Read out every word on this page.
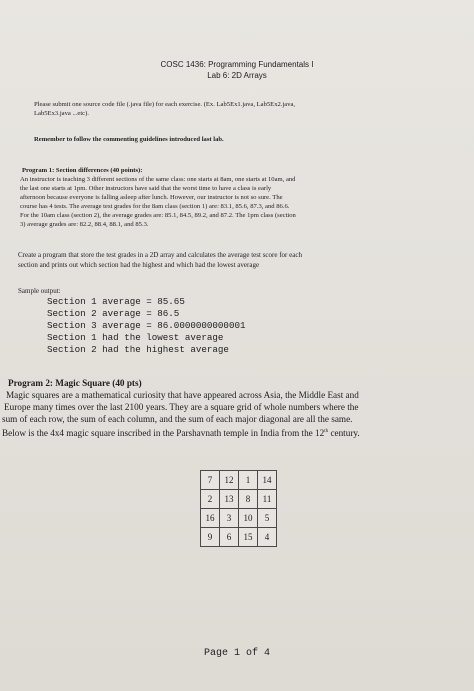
COSC 1436: Programming Fundamentals I
Lab 6: 2D Arrays
Please submit one source code file (.java file) for each exercise. (Ex. Lab5Ex1.java, Lab5Ex2.java,
Lab5Ex3.java ...etc).
Remember to follow the commenting guidelines introduced last lab.
Program 1: Section differences (40 points):
An instructor is teaching 3 different sections of the same class: one starts at 8am, one starts at 10am, and
the last one starts at 1pm. Other instructors have said that the worst time to have a class is early
afternoon because everyone is falling asleep after lunch. However, our instructor is not so sure. The
course has 4 tests. The average test grades for the 8am class (section 1) are: 83.1, 85.6, 87.3, and 86.6.
For the 10am class (section 2), the average grades are: 85.1, 84.5, 89.2, and 87.2. The 1pm class (section
3) average grades are: 82.2, 88.4, 88.1, and 85.3.
Create a program that store the test grades in a 2D array and calculates the average test score for each
section and prints out which section had the highest and which had the lowest average
Sample output:
Section 1 average = 85.65
Section 2 average = 86.5
Section 3 average = 86.0000000000001
Section 1 had the lowest average
Section 2 had the highest average
Program 2: Magic Square (40 pts)
Magic squares are a mathematical curiosity that have appeared across Asia, the Middle East and
Europe many times over the last 2100 years. They are a square grid of whole numbers where the
sum of each row, the sum of each column, and the sum of each major diagonal are all the same.
Below is the 4x4 magic square inscribed in the Parshavnath temple in India from the 12th century.
7	12	1	14
2	13	8	11
16	3	10	5
9	6	15	4
Page 1 of 4
